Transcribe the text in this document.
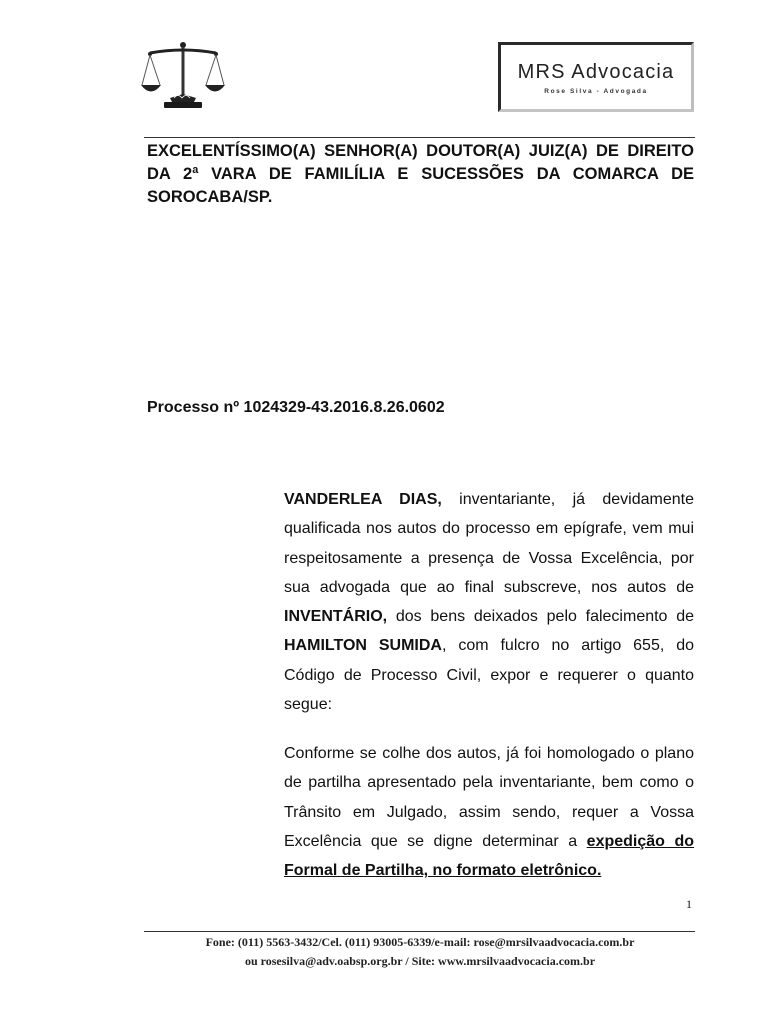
MRS Advocacia
Rose Silva - Advogada
EXCELENTÍSSIMO(A) SENHOR(A) DOUTOR(A) JUIZ(A) DE DIREITO DA 2ª VARA DE FAMILÍLIA E SUCESSÕES DA COMARCA DE SOROCABA/SP.
Processo nº 1024329-43.2016.8.26.0602
VANDERLEA DIAS, inventariante, já devidamente qualificada nos autos do processo em epígrafe, vem mui respeitosamente a presença de Vossa Excelência, por sua advogada que ao final subscreve, nos autos de INVENTÁRIO, dos bens deixados pelo falecimento de HAMILTON SUMIDA, com fulcro no artigo 655, do Código de Processo Civil, expor e requerer o quanto segue:
Conforme se colhe dos autos, já foi homologado o plano de partilha apresentado pela inventariante, bem como o Trânsito em Julgado, assim sendo, requer a Vossa Excelência que se digne determinar a expedição do Formal de Partilha, no formato eletrônico.
1
Fone: (011) 5563-3432/Cel. (011) 93005-6339/e-mail: rose@mrsilvaadvocacia.com.br
ou rosesilva@adv.oabsp.org.br / Site: www.mrsilvaadvocacia.com.br
